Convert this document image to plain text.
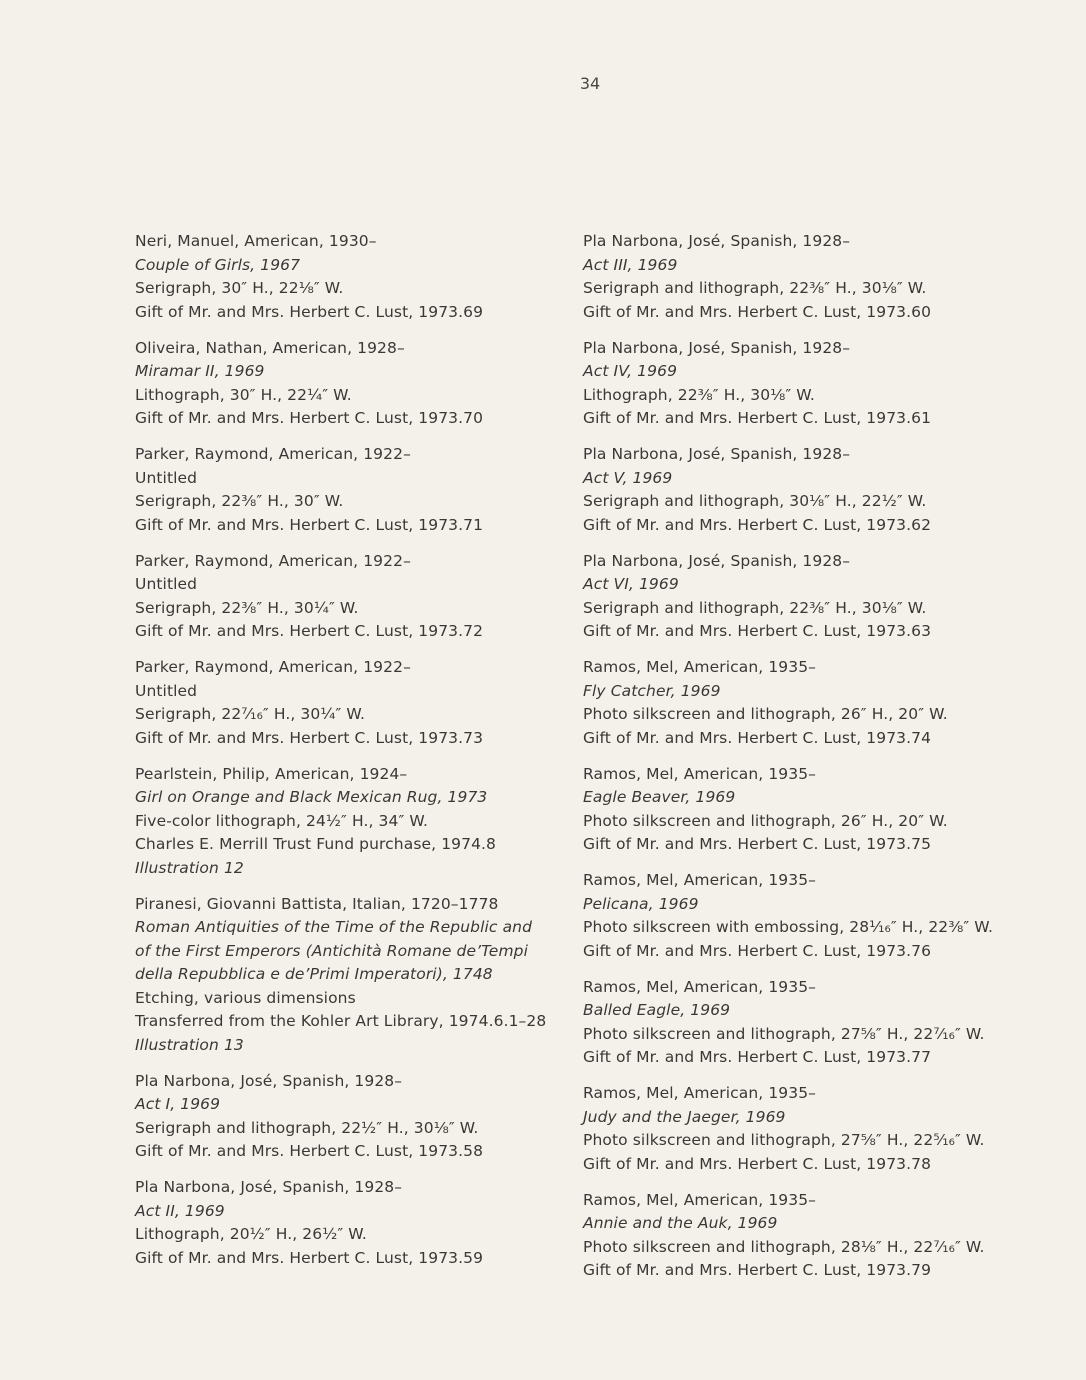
34
Neri, Manuel, American, 1930–
Couple of Girls, 1967
Serigraph, 30″ H., 22⅛″ W.
Gift of Mr. and Mrs. Herbert C. Lust, 1973.69
Oliveira, Nathan, American, 1928–
Miramar II, 1969
Lithograph, 30″ H., 22¼″ W.
Gift of Mr. and Mrs. Herbert C. Lust, 1973.70
Parker, Raymond, American, 1922–
Untitled
Serigraph, 22⅜″ H., 30″ W.
Gift of Mr. and Mrs. Herbert C. Lust, 1973.71
Parker, Raymond, American, 1922–
Untitled
Serigraph, 22⅜″ H., 30¼″ W.
Gift of Mr. and Mrs. Herbert C. Lust, 1973.72
Parker, Raymond, American, 1922–
Untitled
Serigraph, 22⁷⁄₁₆″ H., 30¼″ W.
Gift of Mr. and Mrs. Herbert C. Lust, 1973.73
Pearlstein, Philip, American, 1924–
Girl on Orange and Black Mexican Rug, 1973
Five-color lithograph, 24½″ H., 34″ W.
Charles E. Merrill Trust Fund purchase, 1974.8
Illustration 12
Piranesi, Giovanni Battista, Italian, 1720–1778
Roman Antiquities of the Time of the Republic and
of the First Emperors (Antichità Romane de’Tempi
della Repubblica e de’Primi Imperatori), 1748
Etching, various dimensions
Transferred from the Kohler Art Library, 1974.6.1–28
Illustration 13
Pla Narbona, José, Spanish, 1928–
Act I, 1969
Serigraph and lithograph, 22½″ H., 30⅛″ W.
Gift of Mr. and Mrs. Herbert C. Lust, 1973.58
Pla Narbona, José, Spanish, 1928–
Act II, 1969
Lithograph, 20½″ H., 26½″ W.
Gift of Mr. and Mrs. Herbert C. Lust, 1973.59
Pla Narbona, José, Spanish, 1928–
Act III, 1969
Serigraph and lithograph, 22⅜″ H., 30⅛″ W.
Gift of Mr. and Mrs. Herbert C. Lust, 1973.60
Pla Narbona, José, Spanish, 1928–
Act IV, 1969
Lithograph, 22⅜″ H., 30⅛″ W.
Gift of Mr. and Mrs. Herbert C. Lust, 1973.61
Pla Narbona, José, Spanish, 1928–
Act V, 1969
Serigraph and lithograph, 30⅛″ H., 22½″ W.
Gift of Mr. and Mrs. Herbert C. Lust, 1973.62
Pla Narbona, José, Spanish, 1928–
Act VI, 1969
Serigraph and lithograph, 22⅜″ H., 30⅛″ W.
Gift of Mr. and Mrs. Herbert C. Lust, 1973.63
Ramos, Mel, American, 1935–
Fly Catcher, 1969
Photo silkscreen and lithograph, 26″ H., 20″ W.
Gift of Mr. and Mrs. Herbert C. Lust, 1973.74
Ramos, Mel, American, 1935–
Eagle Beaver, 1969
Photo silkscreen and lithograph, 26″ H., 20″ W.
Gift of Mr. and Mrs. Herbert C. Lust, 1973.75
Ramos, Mel, American, 1935–
Pelicana, 1969
Photo silkscreen with embossing, 28¹⁄₁₆″ H., 22⅜″ W.
Gift of Mr. and Mrs. Herbert C. Lust, 1973.76
Ramos, Mel, American, 1935–
Balled Eagle, 1969
Photo silkscreen and lithograph, 27⅝″ H., 22⁷⁄₁₆″ W.
Gift of Mr. and Mrs. Herbert C. Lust, 1973.77
Ramos, Mel, American, 1935–
Judy and the Jaeger, 1969
Photo silkscreen and lithograph, 27⅝″ H., 22⁵⁄₁₆″ W.
Gift of Mr. and Mrs. Herbert C. Lust, 1973.78
Ramos, Mel, American, 1935–
Annie and the Auk, 1969
Photo silkscreen and lithograph, 28⅛″ H., 22⁷⁄₁₆″ W.
Gift of Mr. and Mrs. Herbert C. Lust, 1973.79
